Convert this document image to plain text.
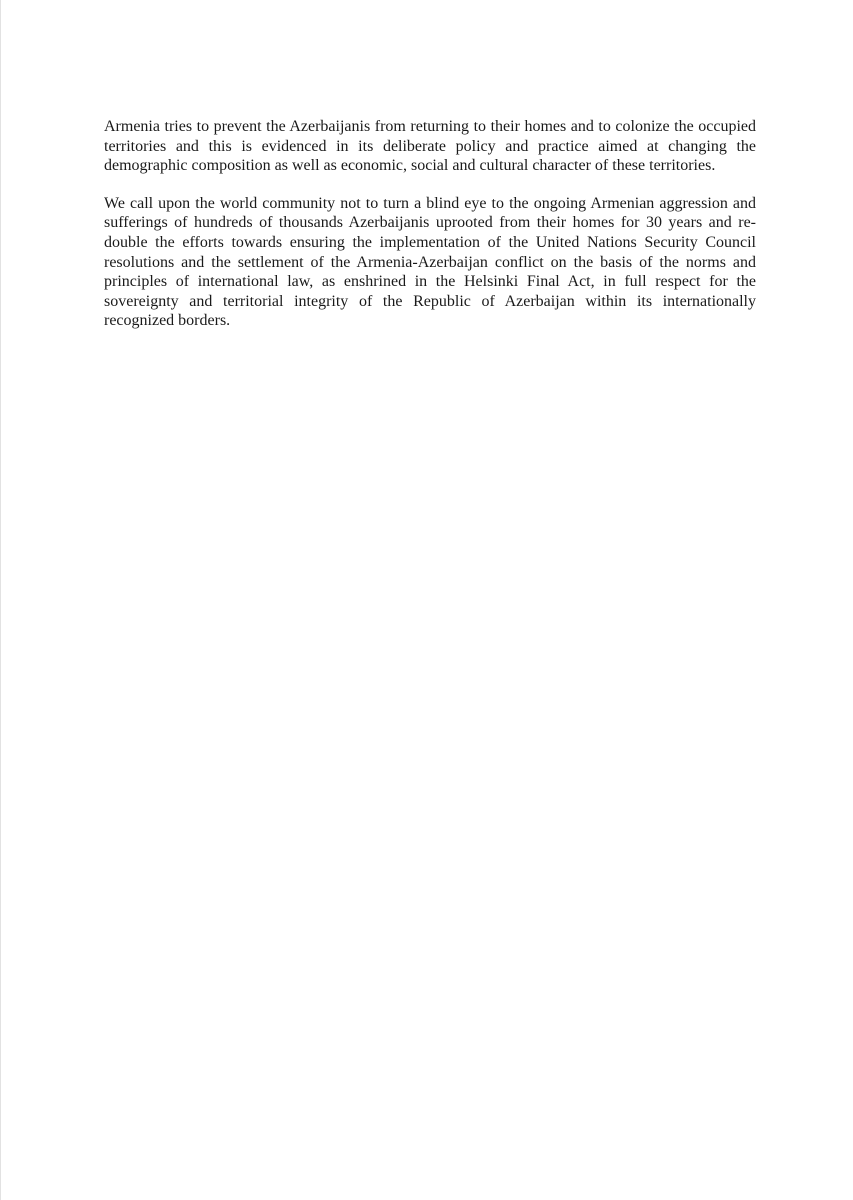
Armenia tries to prevent the Azerbaijanis from returning to their homes and to colonize the occupied territories and this is evidenced in its deliberate policy and practice aimed at changing the demographic composition as well as economic, social and cultural character of these territories.

We call upon the world community not to turn a blind eye to the ongoing Armenian aggression and sufferings of hundreds of thousands Azerbaijanis uprooted from their homes for 30 years and re-double the efforts towards ensuring the implementation of the United Nations Security Council resolutions and the settlement of the Armenia-Azerbaijan conflict on the basis of the norms and principles of international law, as enshrined in the Helsinki Final Act, in full respect for the sovereignty and territorial integrity of the Republic of Azerbaijan within its internationally recognized borders.
